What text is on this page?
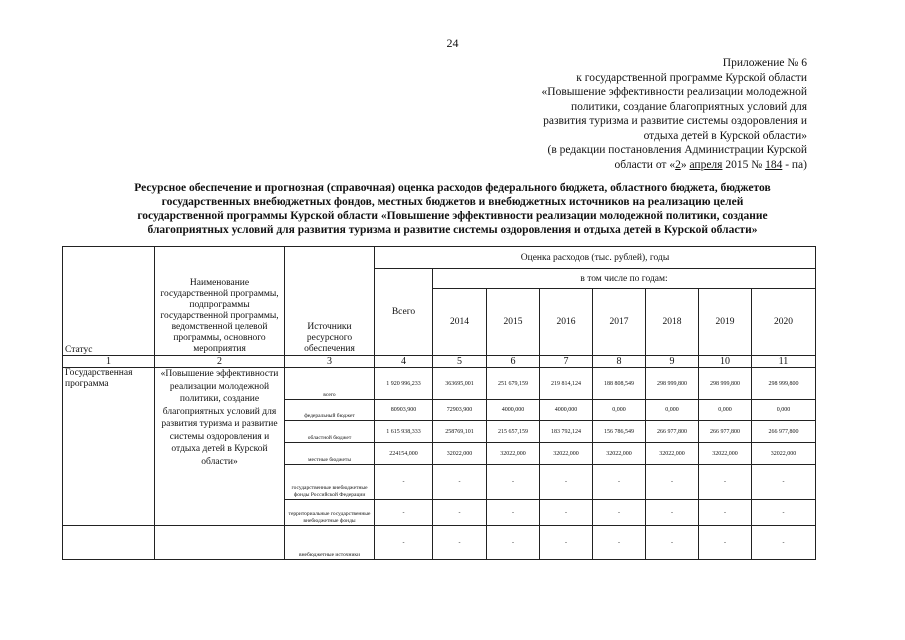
24
Приложение № 6
к государственной программе Курской области
«Повышение эффективности реализации молодежной
политики, создание благоприятных условий для
развития туризма и развитие системы оздоровления и
отдыха детей в Курской области»
(в редакции постановления Администрации Курской
области от «2» апреля 2015 № 184 - па)
Ресурсное обеспечение и прогнозная (справочная) оценка расходов федерального бюджета, областного бюджета, бюджетов
государственных внебюджетных фондов, местных бюджетов и внебюджетных источников на реализацию целей
государственной программы Курской области «Повышение эффективности реализации молодежной политики, создание
благоприятных условий для развития туризма и развитие системы оздоровления и отдыха детей в Курской области»
Статус	Наименование государственной программы, подпрограммы государственной программы, ведомственной целевой программы, основного мероприятия	Источники ресурсного обеспечения	Оценка расходов (тыс. рублей), годы							
			Всего	в том числе по годам:						
				2014	2015	2016	2017	2018	2019	2020
1	2	3	4	5	6	7	8	9	10	11
Государственная программа	«Повышение эффективности реализации молодежной политики, создание благоприятных условий для развития туризма и развитие системы оздоровления и отдыха детей в Курской области»	всего	1 920 996,233	363695,001	251 679,159	219 814,124	188 808,549	298 999,800	298 999,800	298 999,800
		федеральный бюджет	80903,900	72903,900	4000,000	4000,000	0,000	0,000	0,000	0,000
		областной бюджет	1 615 938,333	258769,101	215 657,159	183 792,124	156 786,549	266 977,800	266 977,800	266 977,800
		местные бюджеты	224154,000	32022,000	32022,000	32022,000	32022,000	32022,000	32022,000	32022,000
		государственные внебюджетные фонды Российской Федерации	-	-	-	-	-	-	-	-
		территориальные государственные внебюджетные фонды	-	-	-	-	-	-	-	-
		внебюджетные источники	-	-	-	-	-	-	-	-
